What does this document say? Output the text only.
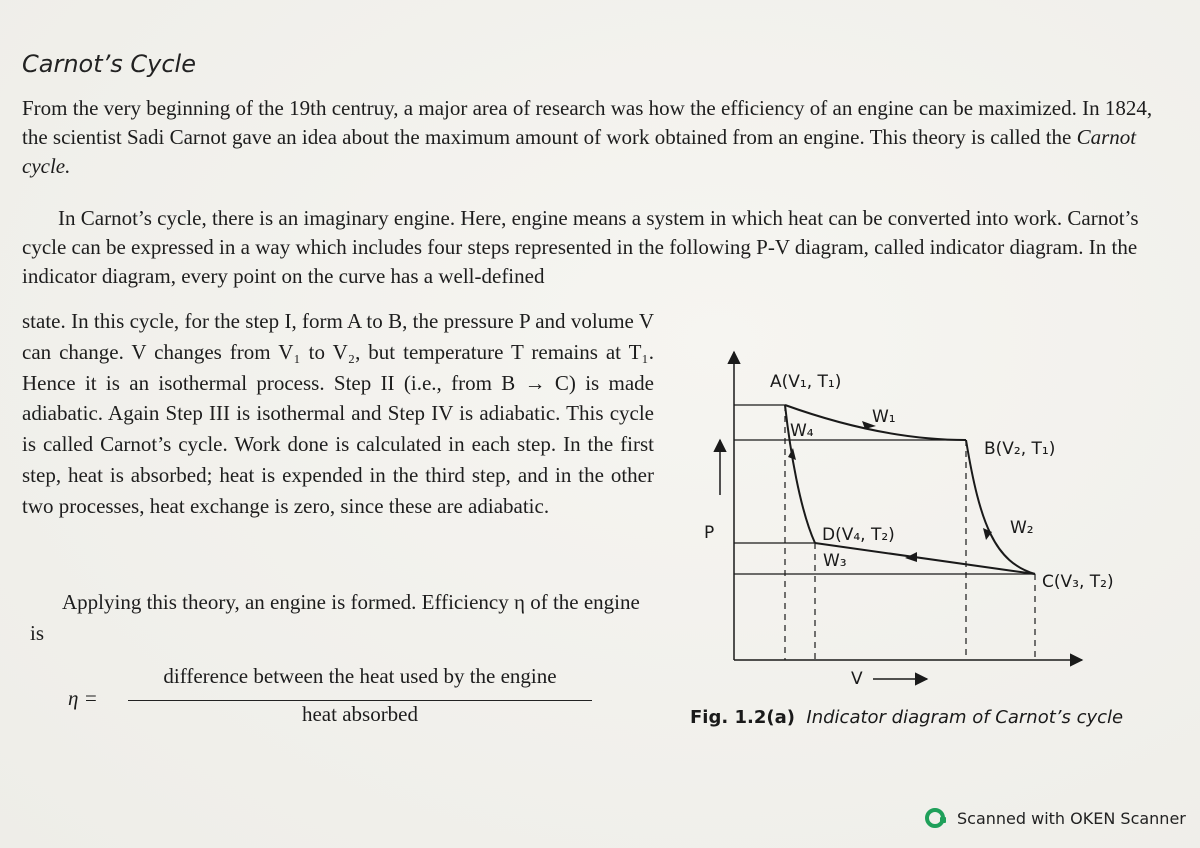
Carnot’s Cycle

From the very beginning of the 19th centruy, a major area of research was how the efficiency of an engine can be maximized. In 1824, the scientist Sadi Carnot gave an idea about the maximum amount of work obtained from an engine. This theory is called the Carnot cycle.

In Carnot’s cycle, there is an imaginary engine. Here, engine means a system in which heat can be converted into work. Carnot’s cycle can be expressed in a way which includes four steps represented in the following P-V diagram, called indicator diagram. In the indicator diagram, every point on the curve has a well-defined

state. In this cycle, for the step I, form A to B, the pressure P and volume V can change. V changes from V₁ to V₂, but temperature T remains at T₁. Hence it is an isothermal process. Step II (i.e., from B → C) is made adiabatic. Again Step III is isothermal and Step IV is adiabatic. This cycle is called Carnot’s cycle. Work done is calculated in each step. In the first step, heat is absorbed; heat is expended in the third step, and in the other two processes, heat exchange is zero, since these are adiabatic.

Applying this theory, an engine is formed. Efficiency η of the engine is

η =
difference between the heat used by the engine
heat absorbed
A(V₁, T₁)
B(V₂, T₁)
C(V₃, T₂)
D(V₄, T₂)
W₁
W₂
W₃
W₄
P
V
Fig. 1.2(a) Indicator diagram of Carnot’s cycle
Scanned with OKEN Scanner
